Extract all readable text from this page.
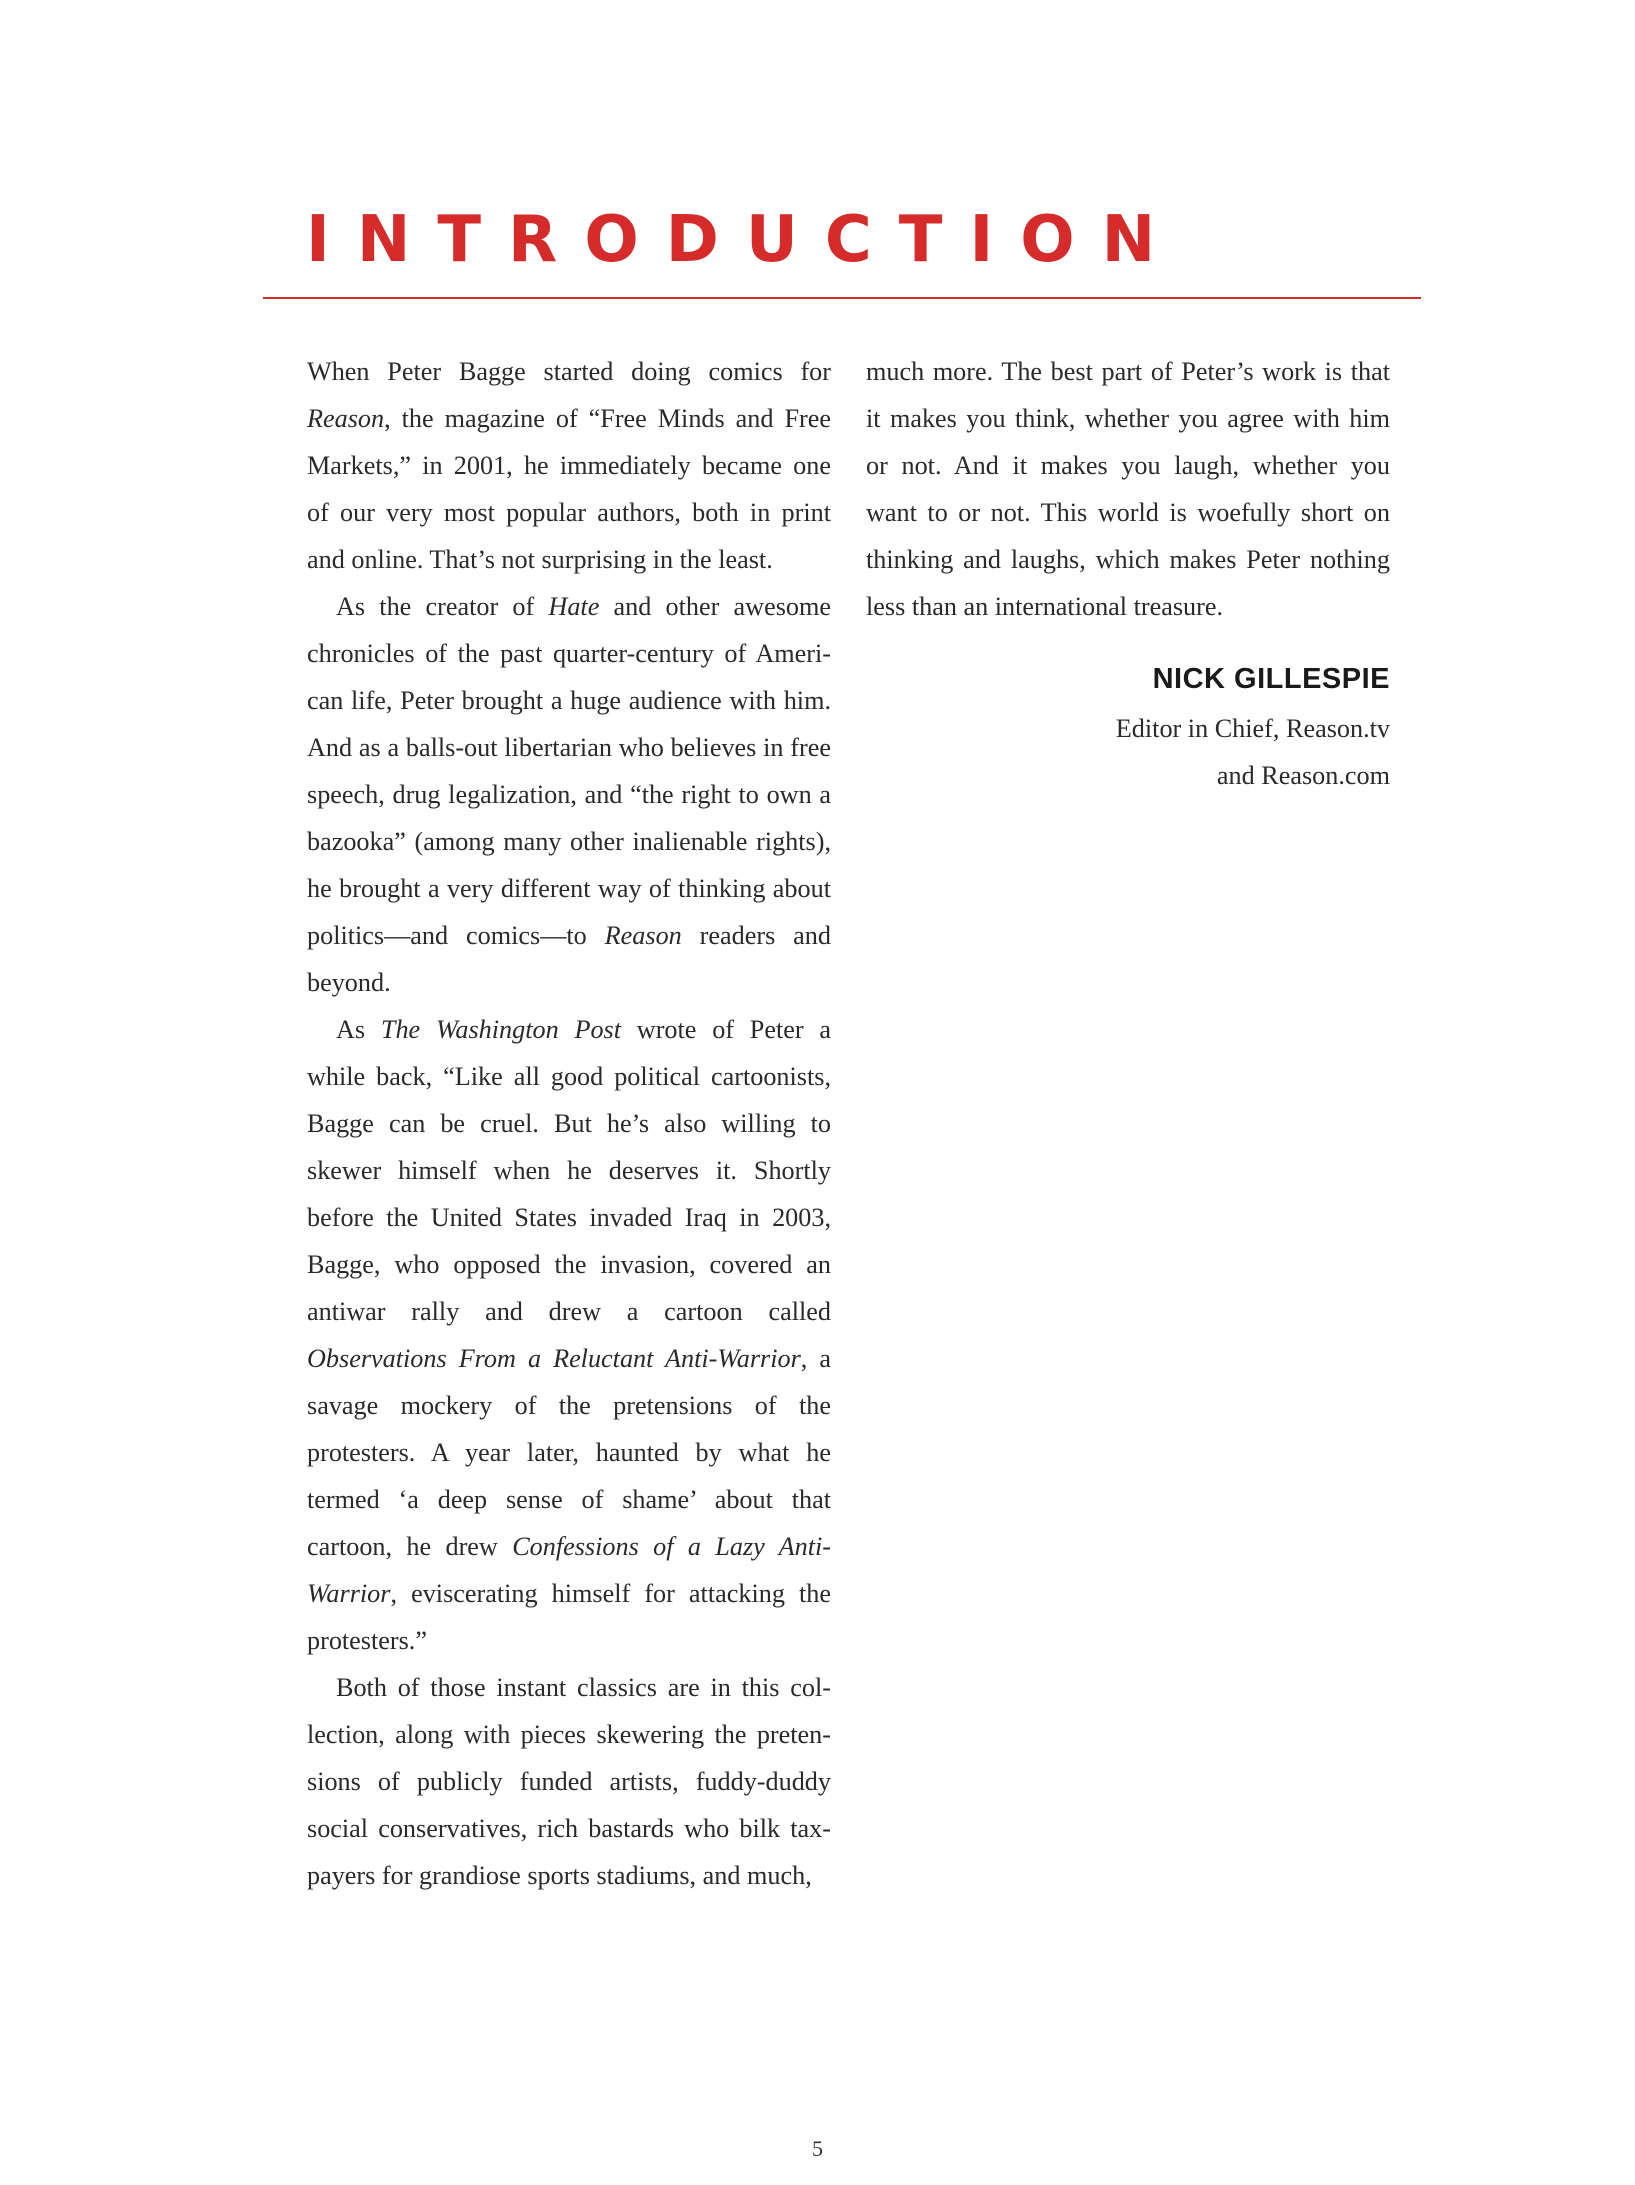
INTRODUCTION

When Peter Bagge started doing comics for Reason, the magazine of “Free Minds and Free Markets,” in 2001, he immediately became one of our very most popular authors, both in print and online. That’s not surprising in the least.

As the creator of Hate and other awesome chronicles of the past quarter-century of American life, Peter brought a huge audience with him. And as a balls-out libertarian who believes in free speech, drug legalization, and “the right to own a bazooka” (among many other inalienable rights), he brought a very different way of thinking about politics—and comics—to Reason readers and beyond.

As The Washington Post wrote of Peter a while back, “Like all good political cartoonists, Bagge can be cruel. But he’s also willing to skewer himself when he deserves it. Shortly before the United States invaded Iraq in 2003, Bagge, who opposed the invasion, covered an antiwar rally and drew a cartoon called Observations From a Reluctant Anti-Warrior, a savage mockery of the pretensions of the protesters. A year later, haunted by what he termed ‘a deep sense of shame’ about that cartoon, he drew Confessions of a Lazy Anti-Warrior, eviscerating himself for attacking the protesters.”

Both of those instant classics are in this collection, along with pieces skewering the pretensions of publicly funded artists, fuddy-duddy social conservatives, rich bastards who bilk taxpayers for grandiose sports stadiums, and much,

much more. The best part of Peter’s work is that it makes you think, whether you agree with him or not. And it makes you laugh, whether you want to or not. This world is woefully short on thinking and laughs, which makes Peter nothing less than an international treasure.

NICK GILLESPIE
Editor in Chief, Reason.tv
and Reason.com
5
